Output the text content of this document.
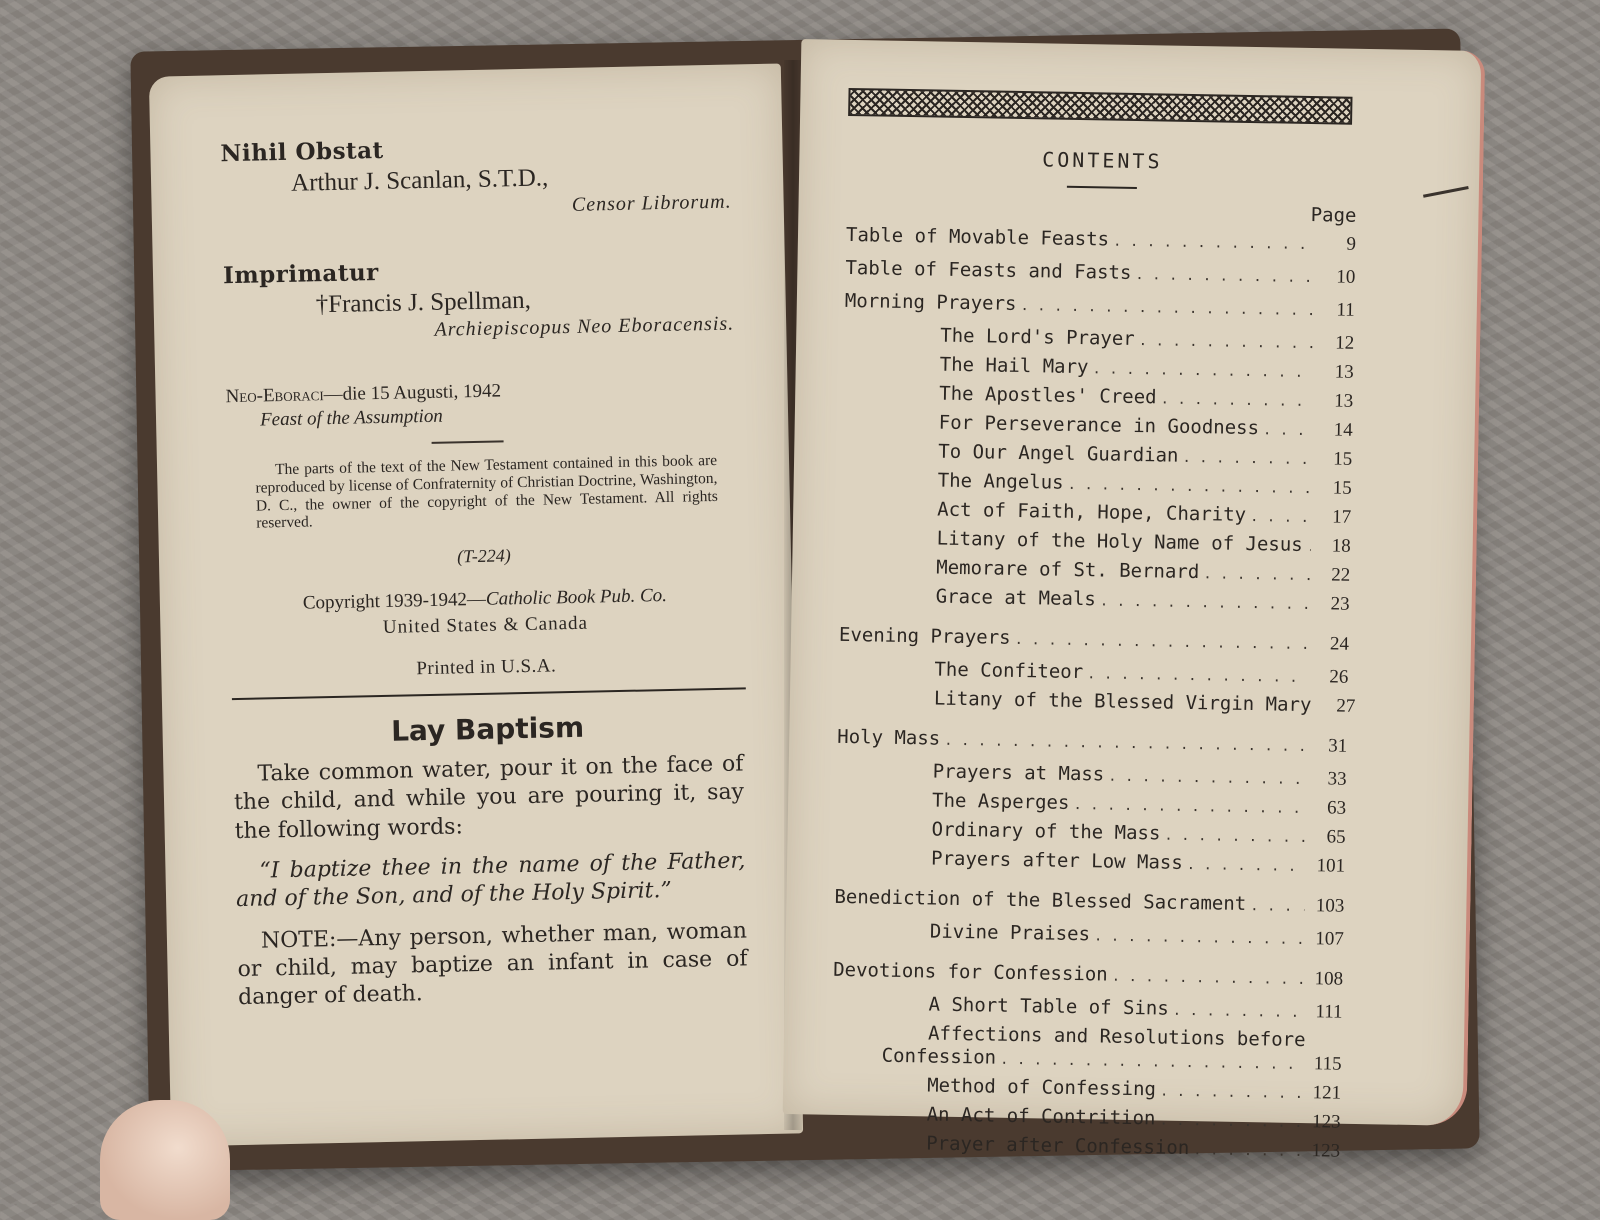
Nihil Obstat
Arthur J. Scanlan, S.T.D.,
Censor Librorum.
Imprimatur
†Francis J. Spellman,
Archiepiscopus Neo Eboracensis.
Neo-Eboraci—die 15 Augusti, 1942
Feast of the Assumption
The parts of the text of the New Testament contained in this book are reproduced by license of Confraternity of Christian Doctrine, Washington, D. C., the owner of the copyright of the New Testament. All rights reserved.
(T-224)
Copyright 1939-1942—Catholic Book Pub. Co.
United States & Canada
Printed in U.S.A.
Lay Baptism
Take common water, pour it on the face of the child, and while you are pouring it, say the following words:
“I baptize thee in the name of the Father, and of the Son, and of the Holy Spirit.”
NOTE:—Any person, whether man, woman or child, may baptize an infant in case of danger of death.
CONTENTS
Page
Table of Movable Feasts . . .	9
Table of Feasts and Fasts . . .	10
Morning Prayers . . .	11
The Lord's Prayer . . .	12
The Hail Mary . . .	13
The Apostles' Creed . . .	13
For Perseverance in Goodness . . .	14
To Our Angel Guardian . . .	15
The Angelus . . .	15
Act of Faith, Hope, Charity . . .	17
Litany of the Holy Name of Jesus . . .	18
Memorare of St. Bernard . . .	22
Grace at Meals . . .	23
Evening Prayers . . .	24
The Confiteor . . .	26
Litany of the Blessed Virgin Mary . . .	27
Holy Mass . . .	31
Prayers at Mass . . .	33
The Asperges . . .	63
Ordinary of the Mass . . .	65
Prayers after Low Mass . . .	101
Benediction of the Blessed Sacrament . . .	103
Divine Praises . . .	107
Devotions for Confession . . .	108
A Short Table of Sins . . .	111
Affections and Resolutions before
Confession . . .	115
Method of Confessing . . .	121
An Act of Contrition . . .	123
Prayer after Confession . . .	123
